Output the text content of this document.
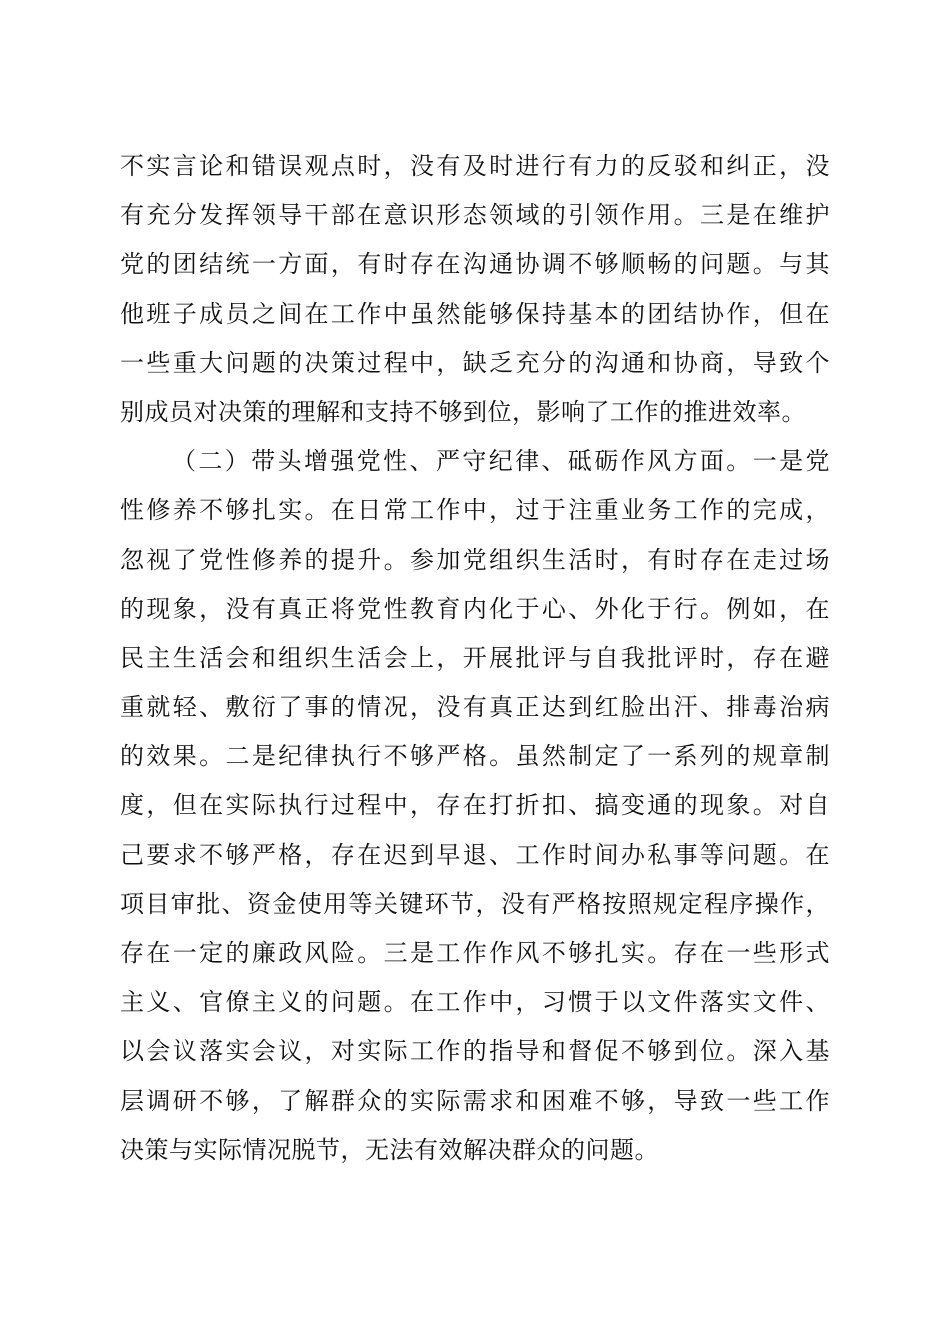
不实言论和错误观点时，没有及时进行有力的反驳和纠正，没
有充分发挥领导干部在意识形态领域的引领作用。三是在维护
党的团结统一方面，有时存在沟通协调不够顺畅的问题。与其
他班子成员之间在工作中虽然能够保持基本的团结协作，但在
一些重大问题的决策过程中，缺乏充分的沟通和协商，导致个
别成员对决策的理解和支持不够到位，影响了工作的推进效率。
（二）带头增强党性、严守纪律、砥砺作风方面。一是党
性修养不够扎实。在日常工作中，过于注重业务工作的完成，
忽视了党性修养的提升。参加党组织生活时，有时存在走过场
的现象，没有真正将党性教育内化于心、外化于行。例如，在
民主生活会和组织生活会上，开展批评与自我批评时，存在避
重就轻、敷衍了事的情况，没有真正达到红脸出汗、排毒治病
的效果。二是纪律执行不够严格。虽然制定了一系列的规章制
度，但在实际执行过程中，存在打折扣、搞变通的现象。对自
己要求不够严格，存在迟到早退、工作时间办私事等问题。在
项目审批、资金使用等关键环节，没有严格按照规定程序操作，
存在一定的廉政风险。三是工作作风不够扎实。存在一些形式
主义、官僚主义的问题。在工作中，习惯于以文件落实文件、
以会议落实会议，对实际工作的指导和督促不够到位。深入基
层调研不够，了解群众的实际需求和困难不够，导致一些工作
决策与实际情况脱节，无法有效解决群众的问题。
